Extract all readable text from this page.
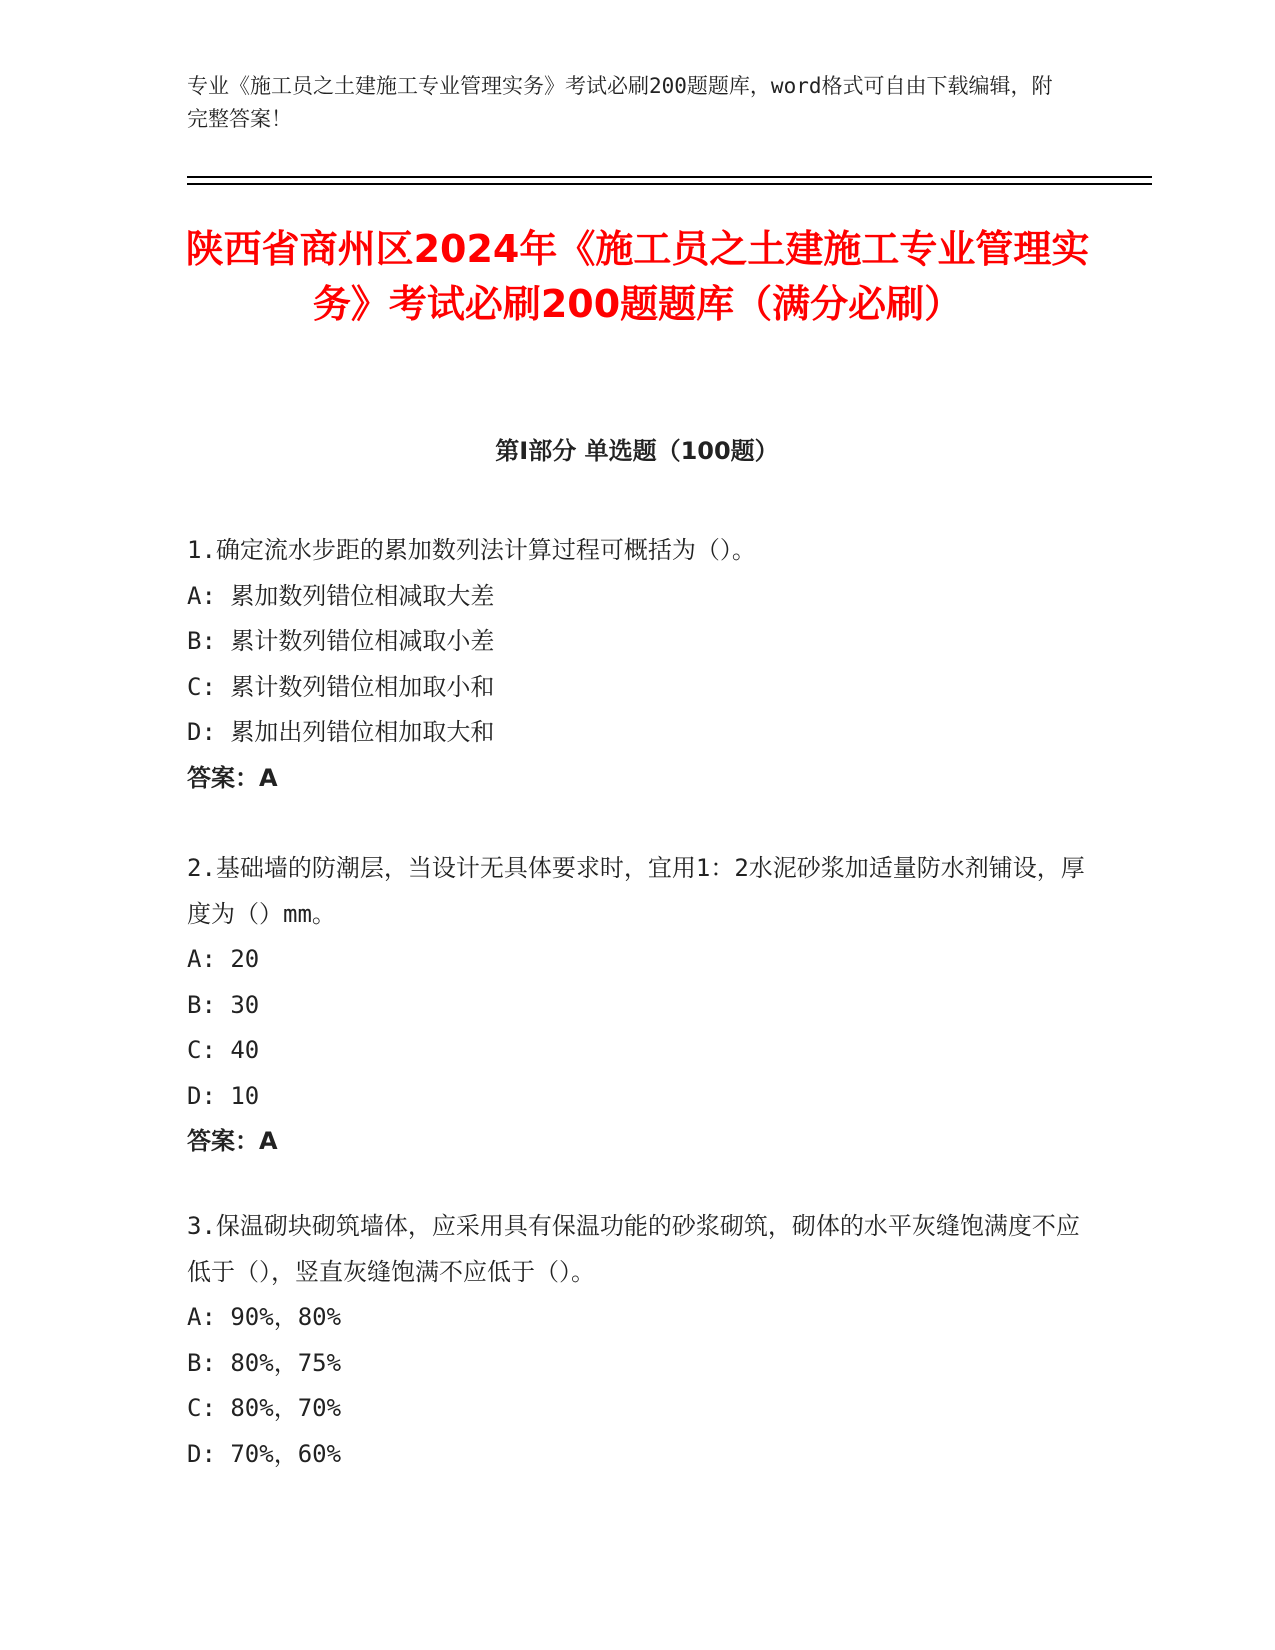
专业《施工员之土建施工专业管理实务》考试必刷200题题库，word格式可自由下载编辑，附完整答案！
陕西省商州区2024年《施工员之土建施工专业管理实务》考试必刷200题题库（满分必刷）
第I部分 单选题（100题）
1.确定流水步距的累加数列法计算过程可概括为（）。
A: 累加数列错位相减取大差
B: 累计数列错位相减取小差
C: 累计数列错位相加取小和
D: 累加出列错位相加取大和
答案：A
2.基础墙的防潮层，当设计无具体要求时，宜用1：2水泥砂浆加适量防水剂铺设，厚度为（）mm。
A: 20
B: 30
C: 40
D: 10
答案：A
3.保温砌块砌筑墙体，应采用具有保温功能的砂浆砌筑，砌体的水平灰缝饱满度不应低于（），竖直灰缝饱满不应低于（）。
A: 90%，80%
B: 80%，75%
C: 80%，70%
D: 70%，60%
